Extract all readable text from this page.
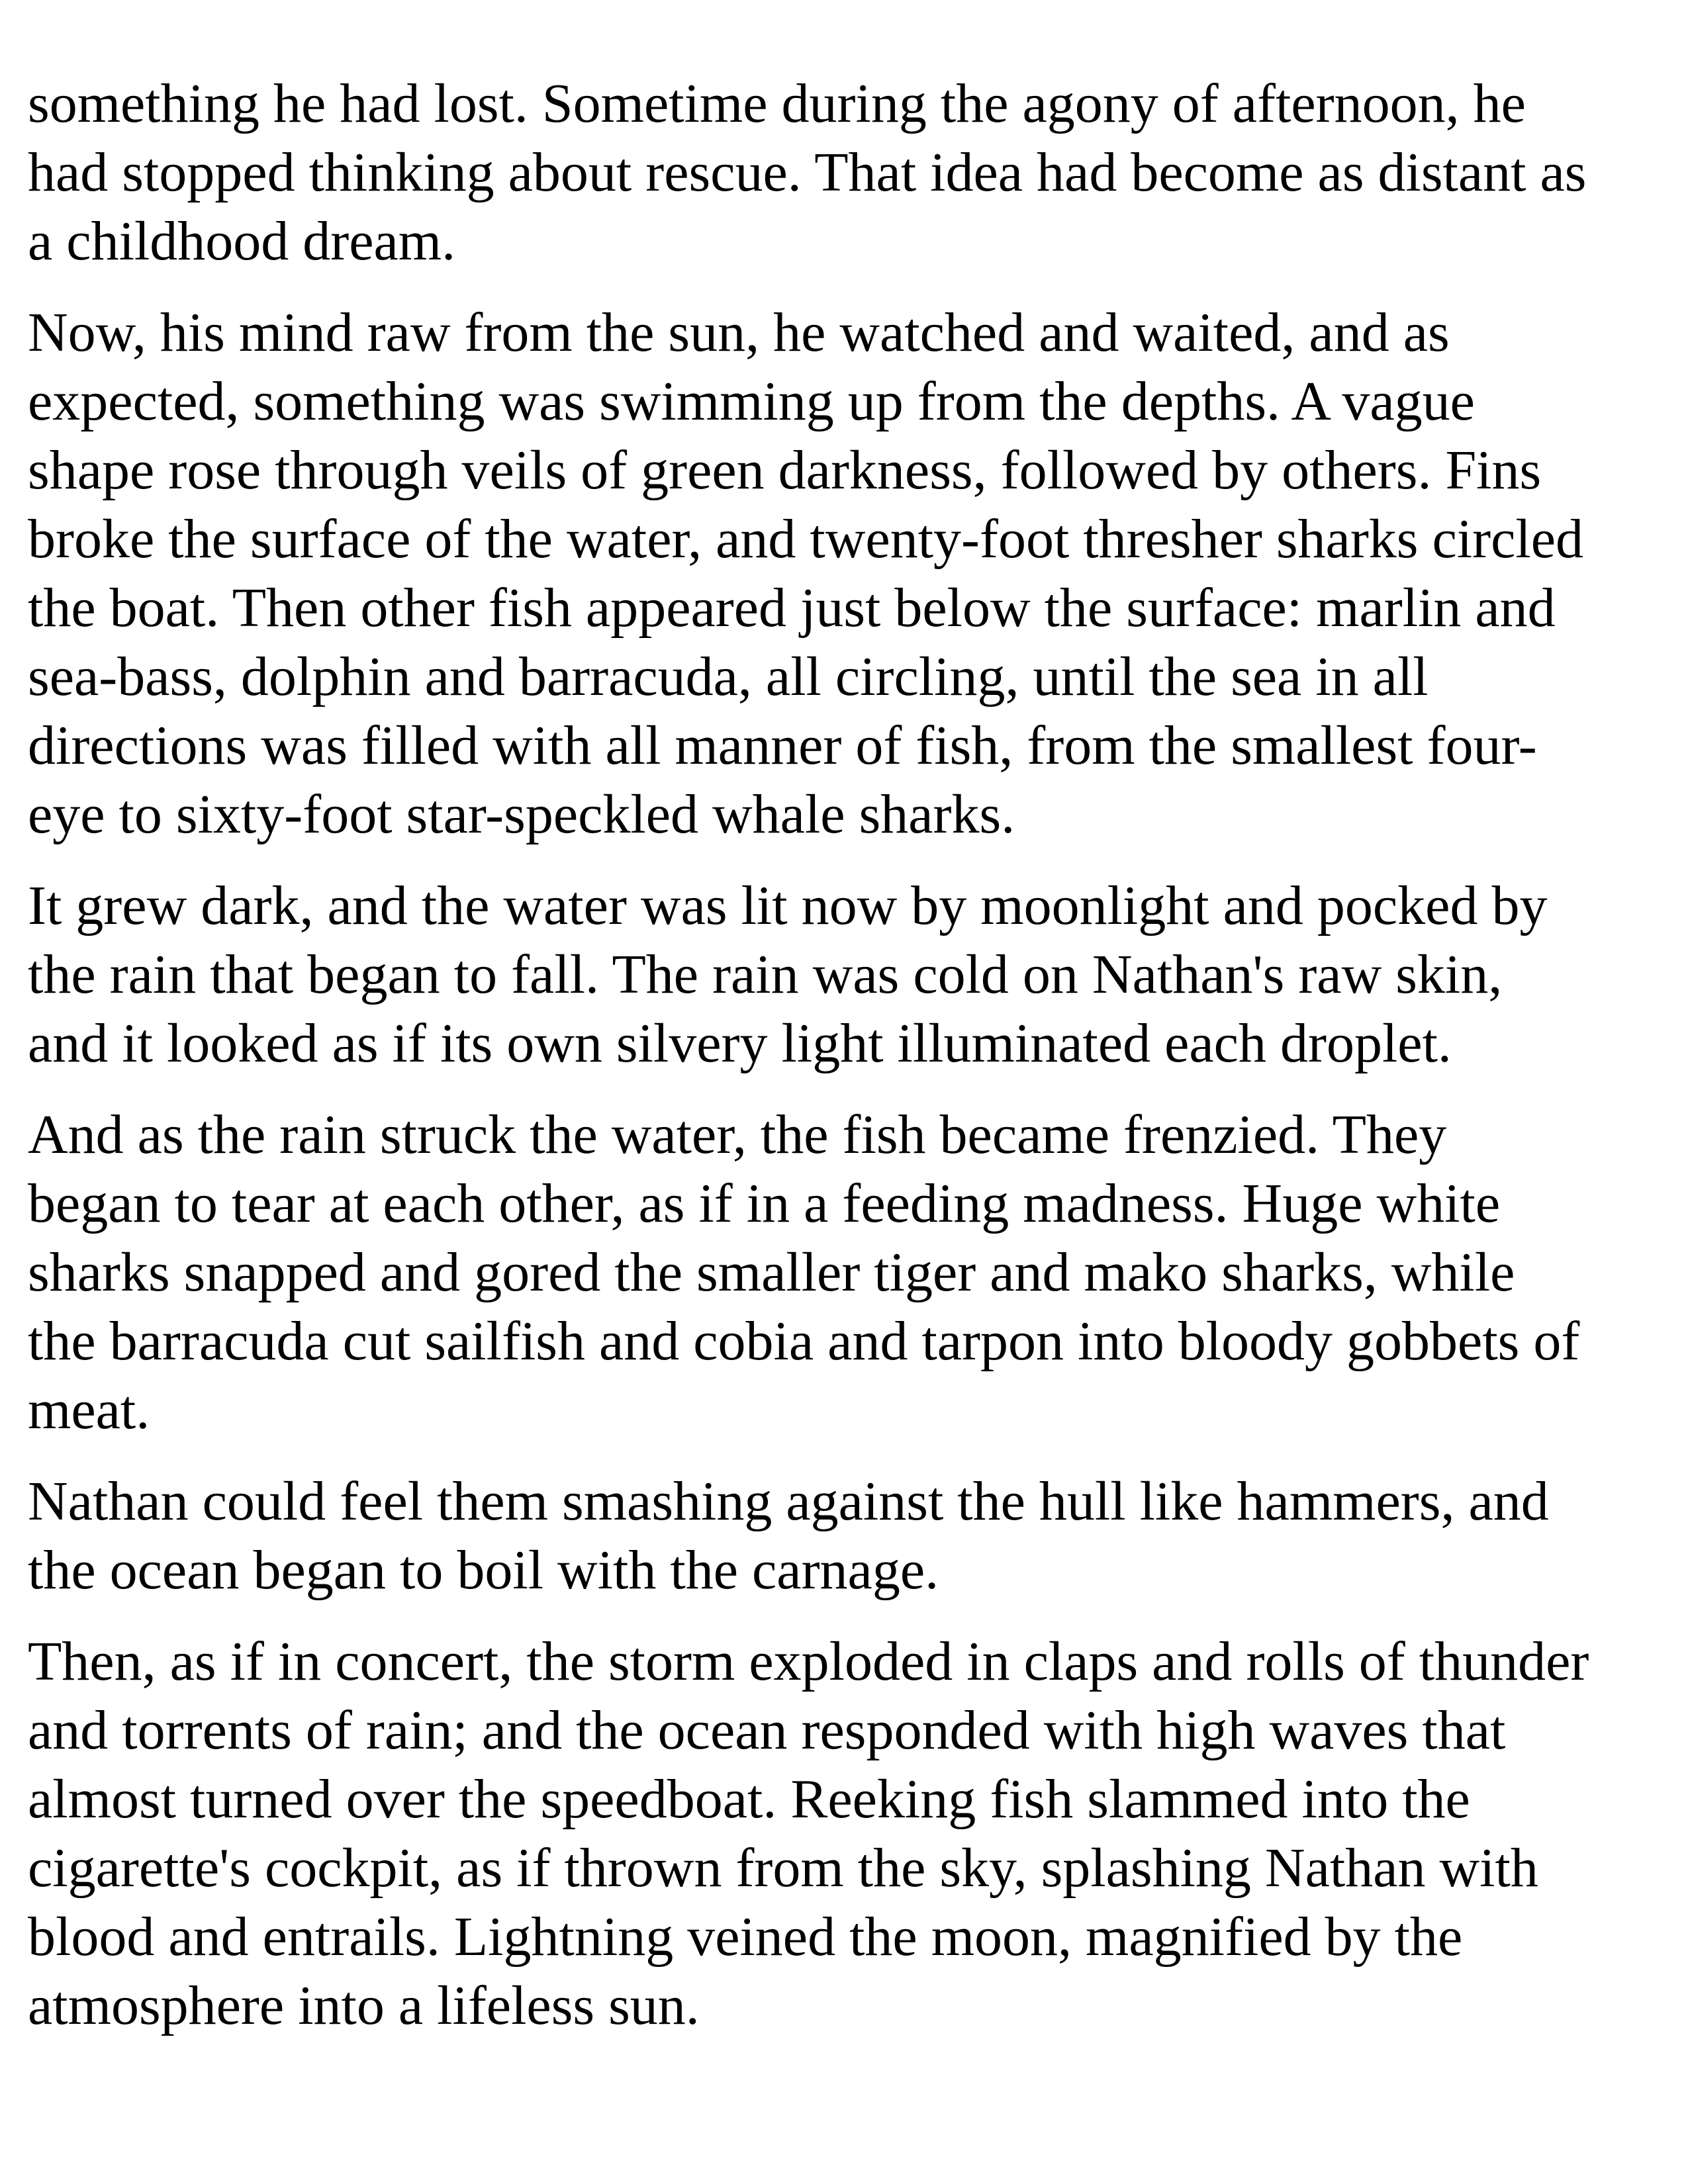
something he had lost. Sometime during the agony of afternoon, he
had stopped thinking about rescue. That idea had become as distant as
a childhood dream.

Now, his mind raw from the sun, he watched and waited, and as
expected, something was swimming up from the depths. A vague
shape rose through veils of green darkness, followed by others. Fins
broke the surface of the water, and twenty-foot thresher sharks circled
the boat. Then other fish appeared just below the surface: marlin and
sea-bass, dolphin and barracuda, all circling, until the sea in all
directions was filled with all manner of fish, from the smallest four-
eye to sixty-foot star-speckled whale sharks.

It grew dark, and the water was lit now by moonlight and pocked by
the rain that began to fall. The rain was cold on Nathan's raw skin,
and it looked as if its own silvery light illuminated each droplet.

And as the rain struck the water, the fish became frenzied. They
began to tear at each other, as if in a feeding madness. Huge white
sharks snapped and gored the smaller tiger and mako sharks, while
the barracuda cut sailfish and cobia and tarpon into bloody gobbets of
meat.

Nathan could feel them smashing against the hull like hammers, and
the ocean began to boil with the carnage.

Then, as if in concert, the storm exploded in claps and rolls of thunder
and torrents of rain; and the ocean responded with high waves that
almost turned over the speedboat. Reeking fish slammed into the
cigarette's cockpit, as if thrown from the sky, splashing Nathan with
blood and entrails. Lightning veined the moon, magnified by the
atmosphere into a lifeless sun.
